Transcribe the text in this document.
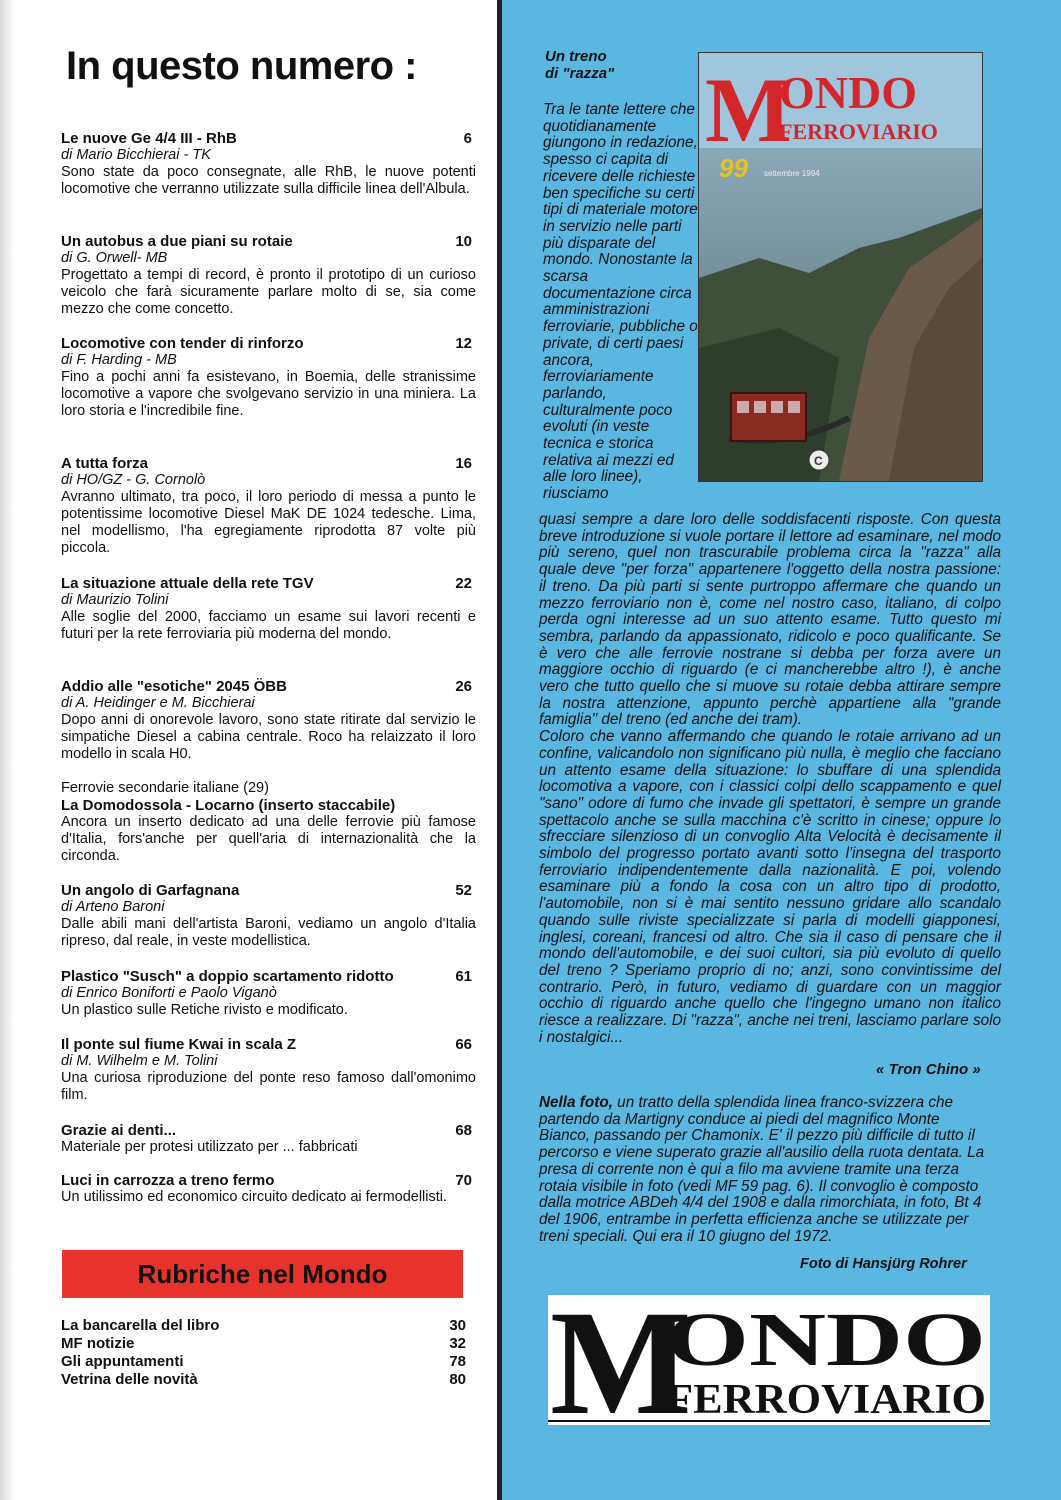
In questo numero :
Le nuove Ge 4/4 III - RhB	6
di Mario Bicchierai - TK
Sono state da poco consegnate, alle RhB, le nuove potenti locomotive che verranno utilizzate sulla difficile linea dell'Albula.
Un autobus a due piani su rotaie	10
di G. Orwell- MB
Progettato a tempi di record, è pronto il prototipo di un curioso veicolo che farà sicuramente parlare molto di se, sia come mezzo che come concetto.
Locomotive con tender di rinforzo	12
di F. Harding - MB
Fino a pochi anni fa esistevano, in Boemia, delle stranissime locomotive a vapore che svolgevano servizio in una miniera. La loro storia e l'incredibile fine.
A tutta forza	16
di HO/GZ - G. Cornolò
Avranno ultimato, tra poco, il loro periodo di messa a punto le potentissime locomotive Diesel MaK DE 1024 tedesche. Lima, nel modellismo, l'ha egregiamente riprodotta 87 volte più piccola.
La situazione attuale della rete TGV	22
di Maurizio Tolini
Alle soglie del 2000, facciamo un esame sui lavori recenti e futuri per la rete ferroviaria più moderna del mondo.
Addio alle "esotiche" 2045 ÖBB	26
di A. Heidinger e M. Bicchierai
Dopo anni di onorevole lavoro, sono state ritirate dal servizio le simpatiche Diesel a cabina centrale. Roco ha relaizzato il loro modello in scala H0.
Ferrovie secondarie italiane (29)
La Domodossola - Locarno (inserto staccabile)
Ancora un inserto dedicato ad una delle ferrovie più famose d'Italia, fors'anche per quell'aria di internazionalità che la circonda.
Un angolo di Garfagnana	52
di Arteno Baroni
Dalle abili mani dell'artista Baroni, vediamo un angolo d'Italia ripreso, dal reale, in veste modellistica.
Plastico "Susch" a doppio scartamento ridotto	61
di Enrico Boniforti e Paolo Viganò
Un plastico sulle Retiche rivisto e modificato.
Il ponte sul fiume Kwai in scala Z	66
di M. Wilhelm e M. Tolini
Una curiosa riproduzione del ponte reso famoso dall'omonimo film.
Grazie ai denti...	68
Materiale per protesi utilizzato per ... fabbricati
Luci in carrozza a treno fermo	70
Un utilissimo ed economico circuito dedicato ai fermodellisti.
Rubriche nel Mondo
La bancarella del libro	30
MF notizie	32
Gli appuntamenti	78
Vetrina delle novità	80
Un treno
di "razza"
Tra le tante lettere che quotidianamente giungono in redazione, spesso ci capita di ricevere delle richieste ben specifiche su certi tipi di materiale motore in servizio nelle parti più disparate del mondo. Nonostante la scarsa documentazione circa amministrazioni ferroviarie, pubbliche o private, di certi paesi ancora, ferroviariamente parlando, culturalmente poco evoluti (in veste tecnica e storica relativa ai mezzi ed alle loro linee), riusciamo
M
ONDO
FERROVIARIO
C
99 settembre 1994
quasi sempre a dare loro delle soddisfacenti risposte. Con questa breve introduzione si vuole portare il lettore ad esaminare, nel modo più sereno, quel non trascurabile problema circa la "razza" alla quale deve "per forza" appartenere l'oggetto della nostra passione: il treno. Da più parti si sente purtroppo affermare che quando un mezzo ferroviario non è, come nel nostro caso, italiano, di colpo perda ogni interesse ad un suo attento esame. Tutto questo mi sembra, parlando da appassionato, ridicolo e poco qualificante. Se è vero che alle ferrovie nostrane si debba per forza avere un maggiore occhio di riguardo (e ci mancherebbe altro !), è anche vero che tutto quello che si muove su rotaie debba attirare sempre la nostra attenzione, appunto perchè appartiene alla "grande famiglia" del treno (ed anche dei tram).
Coloro che vanno affermando che quando le rotaie arrivano ad un confine, valicandolo non significano più nulla, è meglio che facciano un attento esame della situazione: lo sbuffare di una splendida locomotiva a vapore, con i classici colpi dello scappamento e quel "sano" odore di fumo che invade gli spettatori, è sempre un grande spettacolo anche se sulla macchina c'è scritto in cinese; oppure lo sfrecciare silenzioso di un convoglio Alta Velocità è decisamente il simbolo del progresso portato avanti sotto l'insegna del trasporto ferroviario indipendentemente dalla nazionalità. E poi, volendo esaminare più a fondo la cosa con un altro tipo di prodotto, l'automobile, non si è mai sentito nessuno gridare allo scandalo quando sulle riviste specializzate si parla di modelli giapponesi, inglesi, coreani, francesi od altro. Che sia il caso di pensare che il mondo dell'automobile, e dei suoi cultori, sia più evoluto di quello del treno ? Speriamo proprio di no; anzi, sono convintissime del contrario. Però, in futuro, vediamo di guardare con un maggior occhio di riguardo anche quello che l'ingegno umano non italico riesce a realizzare. Di "razza", anche nei treni, lasciamo parlare solo i nostalgici...
« Tron Chino »
Nella foto, un tratto della splendida linea franco-svizzera che partendo da Martigny conduce ai piedi del magnifico Monte Bianco, passando per Chamonix. E' il pezzo più difficile di tutto il percorso e viene superato grazie all'ausilio della ruota dentata. La presa di corrente non è qui a filo ma avviene tramite una terza rotaia visibile in foto (vedi MF 59 pag. 6). Il convoglio è composto dalla motrice ABDeh 4/4 del 1908 e dalla rimorchiata, in foto, Bt 4 del 1906, entrambe in perfetta efficienza anche se utilizzate per treni speciali. Qui era il 10 giugno del 1972.
Foto di Hansjürg Rohrer
M
ONDO
FERROVIARIO
